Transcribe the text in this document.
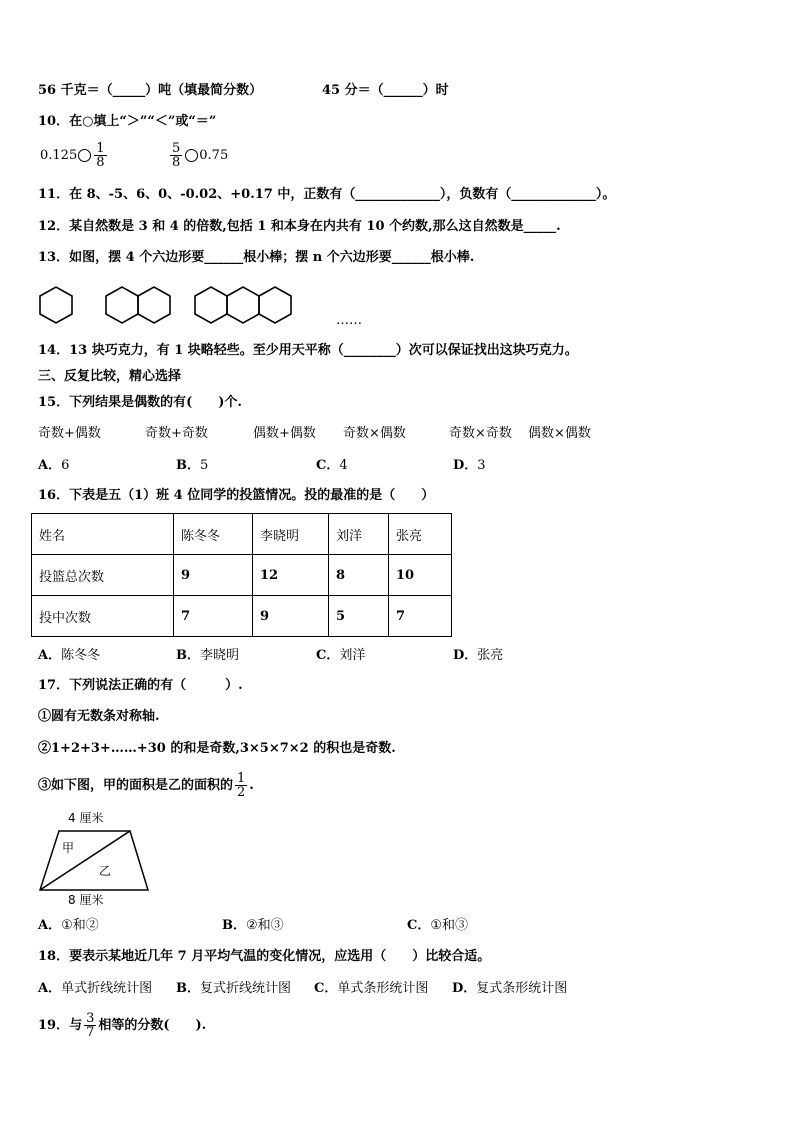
56 千克＝（_____）吨（填最简分数）	45 分＝（______）时
10．在○填上“＞”“＜”或“＝”
$0.125 \frac{1}{8}$	$\frac{5}{8} 0.75$
11．在 8、-5、6、0、-0.02、+0.17 中，正数有（_____________），负数有（_____________）。
12．某自然数是 3 和 4 的倍数,包括 1 和本身在内共有 10 个约数,那么这自然数是_____.
13．如图，摆 4 个六边形要______根小棒；摆 n 个六边形要______根小棒.
……
14．13 块巧克力，有 1 块略轻些。至少用天平称（________）次可以保证找出这块巧克力。
三、反复比较，精心选择
15．下列结果是偶数的有(　　)个.
奇数+偶数	奇数+奇数	偶数+偶数 奇数×偶数	奇数×奇数 偶数×偶数
A．6	B．5	C．4	D．3
16．下表是五（1）班 4 位同学的投篮情况。投的最准的是（　　）
姓名	陈冬冬	李晓明	刘洋	张亮
投篮总次数	9	12	8	10
投中次数	7	9	5	7
A．陈冬冬	B．李晓明	C．刘洋	D．张亮
17．下列说法正确的有（　　　）.
①圆有无数条对称轴.
②1+2+3+……+30 的和是奇数,3×5×7×2 的积也是奇数.
③如下图，甲的面积是乙的面积的 $\frac{1}{2}$ .
4 厘米
甲
乙
8 厘米
A．①和②	B．②和③	C．①和③
18．要表示某地近几年 7 月平均气温的变化情况，应选用（　　）比较合适。
A．单式折线统计图 B．复式折线统计图 C．单式条形统计图 D．复式条形统计图
19．与 $\frac{3}{7}$ 相等的分数(　　).
